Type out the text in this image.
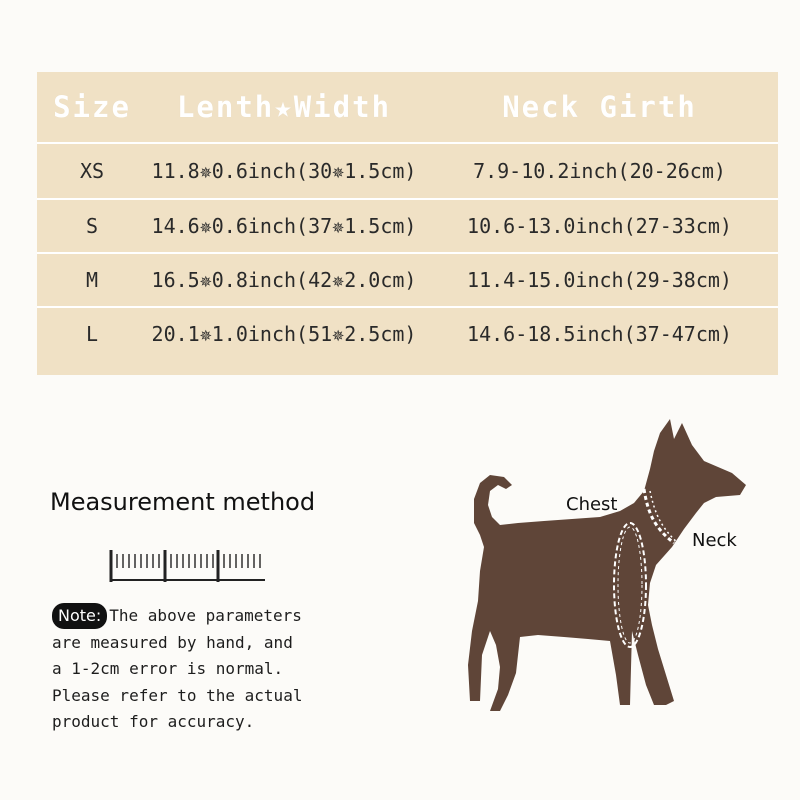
Size	Lenth★Width	Neck Girth
XS	11.8✵0.6inch(30✵1.5cm)	7.9-10.2inch(20-26cm)
S	14.6✵0.6inch(37✵1.5cm)	10.6-13.0inch(27-33cm)
M	16.5✵0.8inch(42✵2.0cm)	11.4-15.0inch(29-38cm)
L	20.1✵1.0inch(51✵2.5cm)	14.6-18.5inch(37-47cm)
Measurement method
Note: The above parameters
are measured by hand, and
a 1-2cm error is normal.
Please refer to the actual
product for accuracy.
Chest
Neck
